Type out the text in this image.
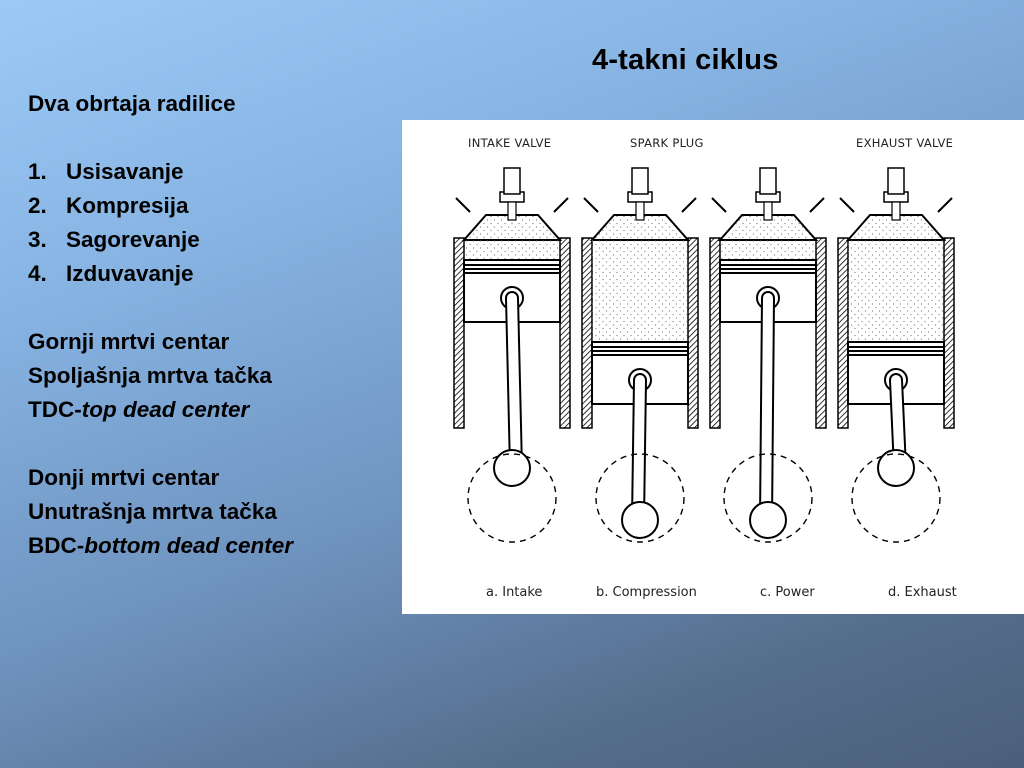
4-takni ciklus
Dva obrtaja radilice
1. Usisavanje
2. Kompresija
3. Sagorevanje
4. Izduvavanje
Gornji mrtvi centar
Spoljašnja mrtva tačka
TDC-top dead center
Donji mrtvi centar
Unutrašnja mrtva tačka
BDC-bottom dead center
INTAKE VALVE	SPARK PLUG	EXHAUST VALVE
a. Intake	b. Compression	c. Power	d. Exhaust
